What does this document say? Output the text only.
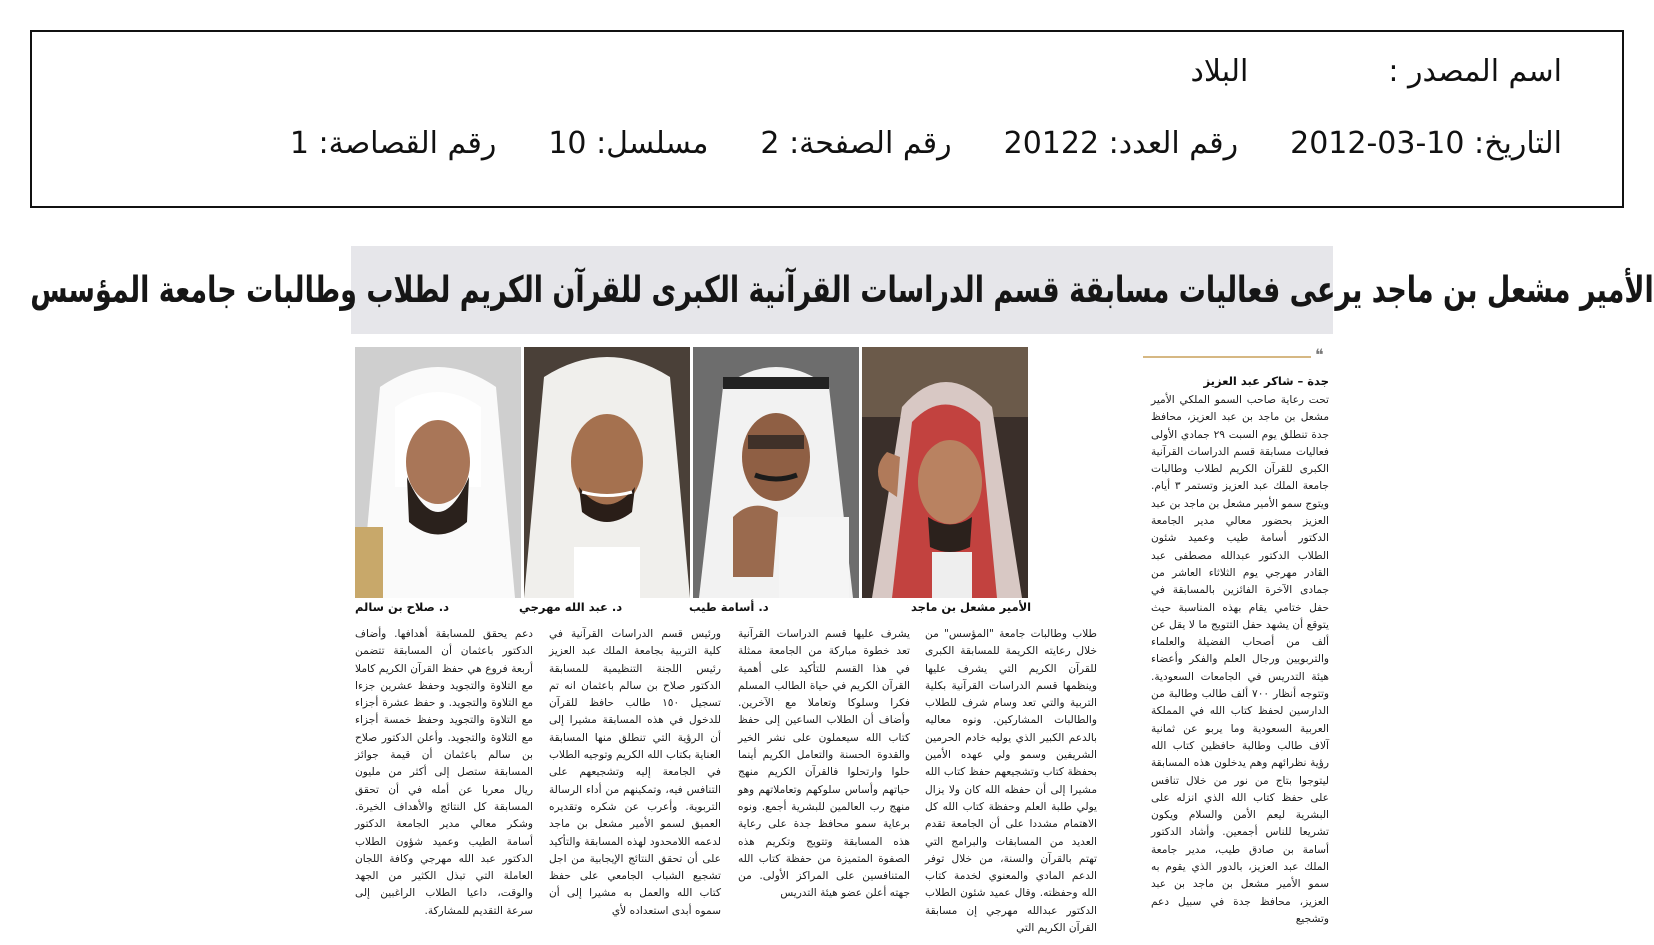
اسم المصدر :البلاد
التاريخ: 2012-03-10رقم العدد: 20122رقم الصفحة: 2مسلسل: 10رقم القصاصة: 1
الأمير مشعل بن ماجد يرعى فعاليات مسابقة قسم الدراسات القرآنية الكبرى للقرآن الكريم لطلاب وطالبات جامعة المؤسس
الأمير مشعل بن ماجد
د. أسامة طيب
د. عبد الله مهرجي
د. صلاح بن سالم
❝
جدة – شاكر عبد العزيز

تحت رعاية صاحب السمو الملكي الأمير مشعل بن ماجد بن عبد العزيز، محافظ جدة تنطلق يوم السبت ٢٩ جمادي الأولى فعاليات مسابقة قسم الدراسات القرآنية الكبرى للقرآن الكريم لطلاب وطالبات جامعة الملك عبد العزيز وتستمر ٣ أيام. ويتوج سمو الأمير مشعل بن ماجد بن عبد العزيز بحضور معالي مدير الجامعة الدكتور أسامة طيب وعميد شئون الطلاب الدكتور عبدالله مصطفى عبد القادر مهرجي يوم الثلاثاء العاشر من جمادى الآخرة الفائزين بالمسابقة في حفل ختامي يقام بهذه المناسبة حيث يتوقع أن يشهد حفل التتويج ما لا يقل عن ألف من أصحاب الفضيلة والعلماء والتربويين ورجال العلم والفكر وأعضاء هيئة التدريس في الجامعات السعودية. وتتوجه أنظار ٧٠٠ ألف طالب وطالبة من الدارسين لحفظ كتاب الله في المملكة العربية السعودية وما يربو عن ثمانية آلاف طالب وطالبة حافظين كتاب الله رؤية نظرائهم وهم يدخلون هذه المسابقة ليتوجوا بتاج من نور من خلال تنافس على حفظ كتاب الله الذي انزله على البشرية ليعم الأمن والسلام ويكون تشريعا للناس أجمعين. وأشاد الدكتور أسامة بن صادق طيب، مدير جامعة الملك عبد العزيز، بالدور الذي يقوم به سمو الأمير مشعل بن ماجد بن عبد العزيز، محافظ جدة في سبيل دعم وتشجيع

طلاب وطالبات جامعة "المؤسس" من خلال رعايته الكريمة للمسابقة الكبرى للقرآن الكريم التي يشرف عليها وينظمها قسم الدراسات القرآنية بكلية التربية والتي تعد وسام شرف للطلاب والطالبات المشاركين. ونوه معاليه بالدعم الكبير الذي يوليه خادم الحرمين الشريفين وسمو ولي عهده الأمين بحفظة كتاب وتشجيعهم حفظ كتاب الله مشيرا إلى أن حفظه الله كان ولا يزال يولي طلبة العلم وحفظة كتاب الله كل الاهتمام مشددا على أن الجامعة تقدم العديد من المسابقات والبرامج التي تهتم بالقرآن والسنة، من خلال توفر الدعم المادي والمعنوي لخدمة كتاب الله وحفظته. وقال عميد شئون الطلاب الدكتور عبدالله مهرجي إن مسابقة القرآن الكريم التي

يشرف عليها قسم الدراسات القرآنية تعد خطوة مباركة من الجامعة ممثلة في هذا القسم للتأكيد على أهمية القرآن الكريم في حياة الطالب المسلم فكرا وسلوكا وتعاملا مع الآخرين. وأضاف أن الطلاب الساعين إلى حفظ كتاب الله سيعملون على نشر الخير والقدوة الحسنة والتعامل الكريم أينما حلوا وارتحلوا فالقرآن الكريم منهج حياتهم وأساس سلوكهم وتعاملاتهم وهو منهج رب العالمين للبشرية أجمع. ونوه برعاية سمو محافظ جدة على رعاية هذه المسابقة وتتويج وتكريم هذه الصفوة المتميزة من حفظة كتاب الله المتنافسين على المراكز الأولى. من جهته أعلن عضو هيئة التدريس

ورئيس قسم الدراسات القرآنية في كلية التربية بجامعة الملك عبد العزيز رئيس اللجنة التنظيمية للمسابقة الدكتور صلاح بن سالم باعثمان انه تم تسجيل ١٥٠ طالب حافظ للقرآن للدخول في هذه المسابقة مشيرا إلى أن الرؤية التي تنطلق منها المسابقة العناية بكتاب الله الكريم وتوجيه الطلاب في الجامعة إليه وتشجيعهم على التنافس فيه، وتمكينهم من أداء الرسالة التربوية. وأعرب عن شكره وتقديره العميق لسمو الأمير مشعل بن ماجد لدعمه اللامحدود لهذه المسابقة والتأكيد على أن تحقق النتائج الإيجابية من اجل تشجيع الشباب الجامعي على حفظ كتاب الله والعمل به مشيرا إلى أن سموه أبدى استعداده لأي

دعم يحقق للمسابقة أهدافها. وأضاف الدكتور باعثمان أن المسابقة تتضمن أربعة فروع هي حفظ القرآن الكريم كاملا مع التلاوة والتجويد وحفظ عشرين جزءا مع التلاوة والتجويد. و حفظ عشرة أجزاء مع التلاوة والتجويد وحفظ خمسة أجزاء مع التلاوة والتجويد. وأعلن الدكتور صلاح بن سالم باعثمان أن قيمة جوائز المسابقة ستصل إلى أكثر من مليون ريال معربا عن أمله في أن تحقق المسابقة كل النتائج والأهداف الخيرة. وشكر معالي مدير الجامعة الدكتور أسامة الطيب وعميد شؤون الطلاب الدكتور عبد الله مهرجي وكافة اللجان العاملة التي تبذل الكثير من الجهد والوقت، داعيا الطلاب الراغبين إلى سرعة التقديم للمشاركة.
